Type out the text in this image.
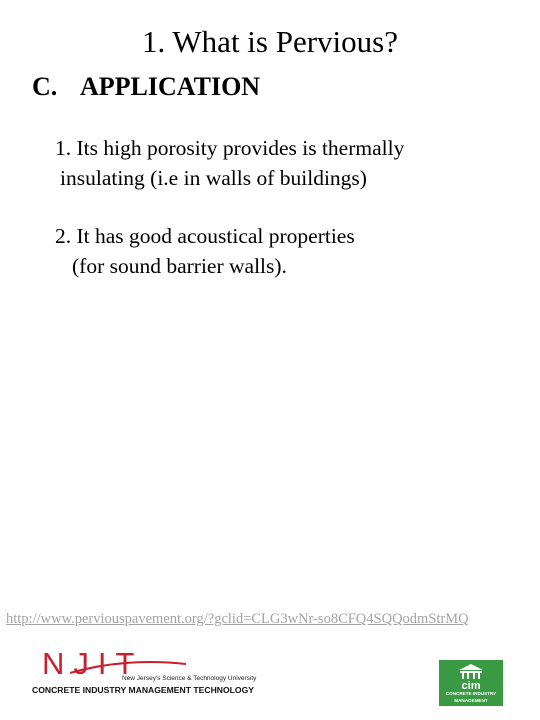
1. What is Pervious?
C. APPLICATION

1. Its high porosity provides is thermally
insulating (i.e in walls of buildings)

2. It has good acoustical properties
(for sound barrier walls).

http://www.perviouspavement.org/?gclid=CLG3wNr-so8CFQ4SQQodmStrMQ
NJIT
New Jersey's Science & Technology University
CONCRETE INDUSTRY MANAGEMENT TECHNOLOGY	cim
CONCRETE INDUSTRY
MANAGEMENT
